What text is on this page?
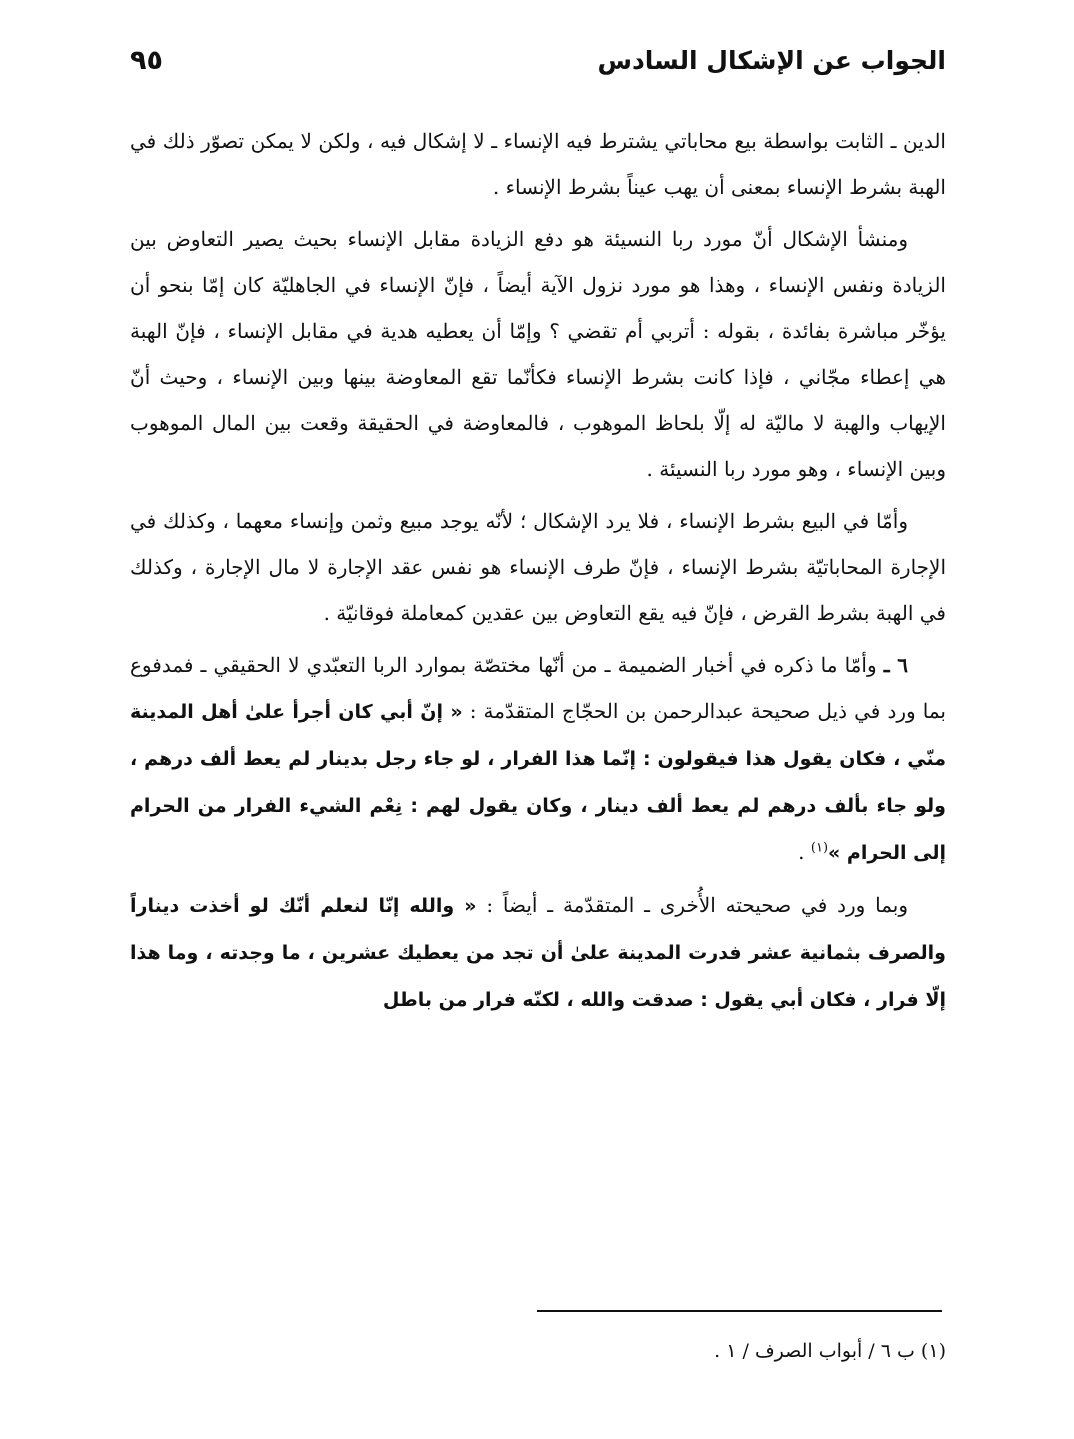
الجواب عن الإشكال السادس
٩٥

الدين ـ الثابت بواسطة بيع محاباتي يشترط فيه الإنساء ـ لا إشكال فيه ، ولكن لا يمكن تصوّر ذلك في الهبة بشرط الإنساء بمعنى أن يهب عيناً بشرط الإنساء .

ومنشأ الإشكال أنّ مورد ربا النسيئة هو دفع الزيادة مقابل الإنساء بحيث يصير التعاوض بين الزيادة ونفس الإنساء ، وهذا هو مورد نزول الآية أيضاً ، فإنّ الإنساء في الجاهليّة كان إمّا بنحو أن يؤخّر مباشرة بفائدة ، بقوله : أتربي أم تقضي ؟ وإمّا أن يعطيه هدية في مقابل الإنساء ، فإنّ الهبة هي إعطاء مجّاني ، فإذا كانت بشرط الإنساء فكأنّما تقع المعاوضة بينها وبين الإنساء ، وحيث أنّ الإيهاب والهبة لا ماليّة له إلّا بلحاظ الموهوب ، فالمعاوضة في الحقيقة وقعت بين المال الموهوب وبين الإنساء ، وهو مورد ربا النسيئة .

وأمّا في البيع بشرط الإنساء ، فلا يرد الإشكال ؛ لأنّه يوجد مبيع وثمن وإنساء معهما ، وكذلك في الإجارة المحاباتيّة بشرط الإنساء ، فإنّ طرف الإنساء هو نفس عقد الإجارة لا مال الإجارة ، وكذلك في الهبة بشرط القرض ، فإنّ فيه يقع التعاوض بين عقدين كمعاملة فوقانيّة .

٦ ـ وأمّا ما ذكره في أخبار الضميمة ـ من أنّها مختصّة بموارد الربا التعبّدي لا الحقيقي ـ فمدفوع بما ورد في ذيل صحيحة عبدالرحمن بن الحجّاج المتقدّمة : « إنّ أبي كان أجرأ علىٰ أهل المدينة منّي ، فكان يقول هذا فيقولون : إنّما هذا الفرار ، لو جاء رجل بدينار لم يعط ألف درهم ، ولو جاء بألف درهم لم يعط ألف دينار ، وكان يقول لهم : نِعْم الشيء الفرار من الحرام إلى الحرام »$^{(١)}$ .

وبما ورد في صحيحته الأُخرى ـ المتقدّمة ـ أيضاً : « والله إنّا لنعلم أنّك لو أخذت ديناراً والصرف بثمانية عشر فدرت المدينة علىٰ أن تجد من يعطيك عشرين ، ما وجدته ، وما هذا إلّا فرار ، فكان أبي يقول : صدقت والله ، لكنّه فرار من باطل

(١) ب ٦ / أبواب الصرف / ١ .
